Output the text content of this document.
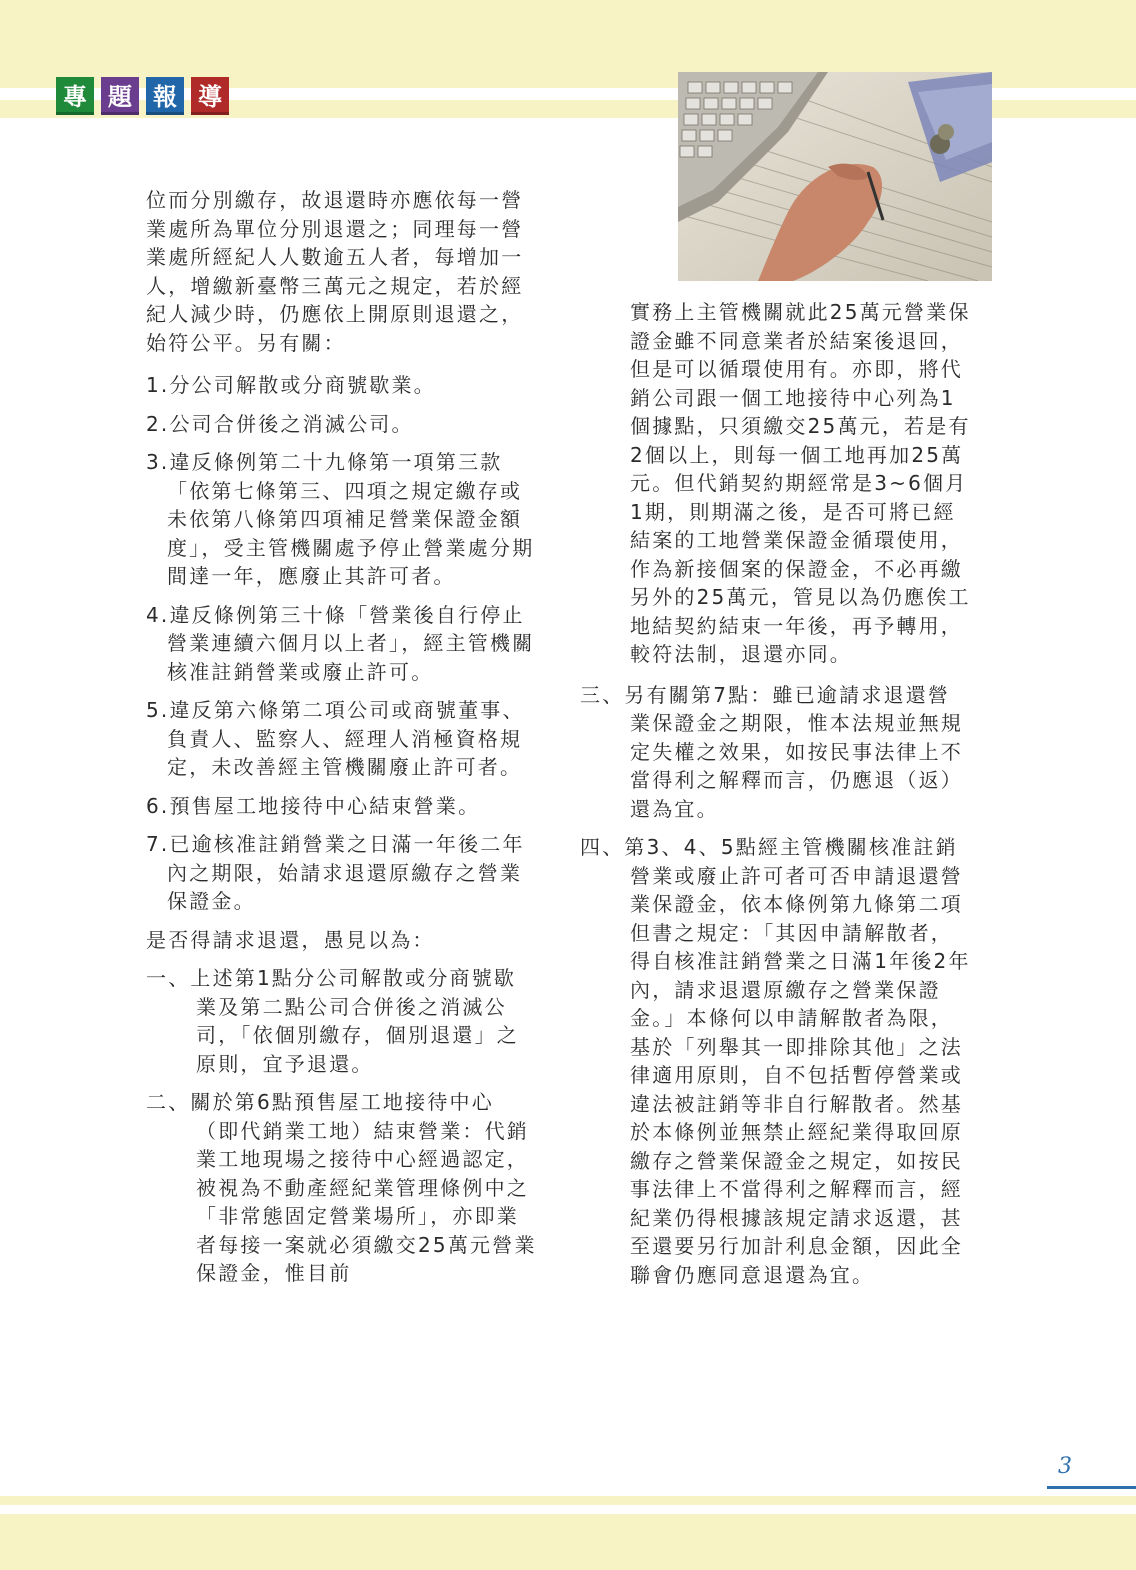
專 題 報 導

位而分別繳存，故退還時亦應依每一營業處所為單位分別退還之；同理每一營業處所經紀人人數逾五人者，每增加一人，增繳新臺幣三萬元之規定，若於經紀人減少時，仍應依上開原則退還之，始符公平。另有關：

1.分公司解散或分商號歇業。

2.公司合併後之消滅公司。

3.違反條例第二十九條第一項第三款「依第七條第三、四項之規定繳存或未依第八條第四項補足營業保證金額度」，受主管機關處予停止營業處分期間達一年，應廢止其許可者。

4.違反條例第三十條「營業後自行停止營業連續六個月以上者」，經主管機關核准註銷營業或廢止許可。

5.違反第六條第二項公司或商號董事、負責人、監察人、經理人消極資格規定，未改善經主管機關廢止許可者。

6.預售屋工地接待中心結束營業。

7.已逾核准註銷營業之日滿一年後二年內之期限，始請求退還原繳存之營業保證金。

是否得請求退還，愚見以為：

一、上述第1點分公司解散或分商號歇業及第二點公司合併後之消滅公司，「依個別繳存，個別退還」之原則，宜予退還。

二、關於第6點預售屋工地接待中心（即代銷業工地）結束營業：代銷業工地現場之接待中心經過認定，被視為不動產經紀業管理條例中之「非常態固定營業場所」，亦即業者每接一案就必須繳交25萬元營業保證金，惟目前

實務上主管機關就此25萬元營業保證金雖不同意業者於結案後退回，但是可以循環使用有。亦即，將代銷公司跟一個工地接待中心列為1個據點，只須繳交25萬元，若是有2個以上，則每一個工地再加25萬元。但代銷契約期經常是3~6個月1期，則期滿之後，是否可將已經結案的工地營業保證金循環使用，作為新接個案的保證金，不必再繳另外的25萬元，管見以為仍應俟工地結契約結束一年後，再予轉用，較符法制，退還亦同。

三、另有關第7點：雖已逾請求退還營業保證金之期限，惟本法規並無規定失權之效果，如按民事法律上不當得利之解釋而言，仍應退（返）還為宜。

四、第3、4、5點經主管機關核准註銷營業或廢止許可者可否申請退還營業保證金，依本條例第九條第二項但書之規定：「其因申請解散者，得自核准註銷營業之日滿1年後2年內，請求退還原繳存之營業保證金。」本條何以申請解散者為限，基於「列舉其一即排除其他」之法律適用原則，自不包括暫停營業或違法被註銷等非自行解散者。然基於本條例並無禁止經紀業得取回原繳存之營業保證金之規定，如按民事法律上不當得利之解釋而言，經紀業仍得根據該規定請求返還，甚至還要另行加計利息金額，因此全聯會仍應同意退還為宜。

3
